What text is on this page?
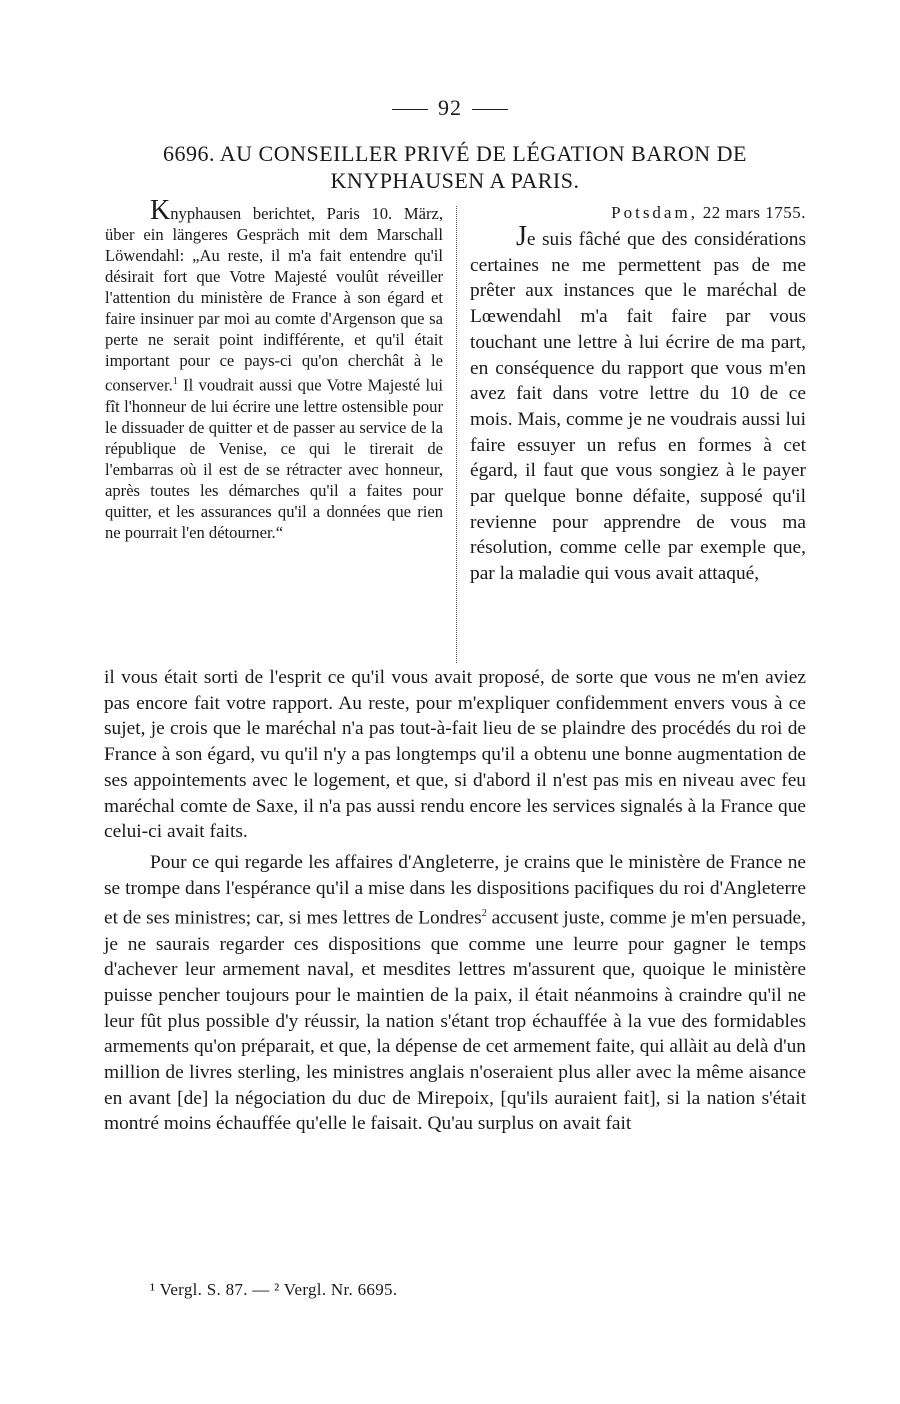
92
6696. AU CONSEILLER PRIVÉ DE LÉGATION BARON DE
KNYPHAUSEN A PARIS.
Knyphausen berichtet, Paris 10. März, über ein längeres Gespräch mit dem Marschall Löwendahl: „Au reste, il m'a fait entendre qu'il désirait fort que Votre Majesté voulût réveiller l'attention du ministère de France à son égard et faire insinuer par moi au comte d'Argenson que sa perte ne serait point indifférente, et qu'il était important pour ce pays-ci qu'on cherchât à le conserver.$^1$ Il voudrait aussi que Votre Majesté lui fît l'honneur de lui écrire une lettre ostensible pour le dissuader de quitter et de passer au service de la république de Venise, ce qui le tirerait de l'embarras où il est de se rétracter avec honneur, après toutes les démarches qu'il a faites pour quitter, et les assurances qu'il a données que rien ne pourrait l'en détourner.“
Potsdam, 22 mars 1755.
Je suis fâché que des considérations certaines ne me permettent pas de me prêter aux instances que le maréchal de Lœwendahl m'a fait faire par vous touchant une lettre à lui écrire de ma part, en conséquence du rapport que vous m'en avez fait dans votre lettre du 10 de ce mois. Mais, comme je ne voudrais aussi lui faire essuyer un refus en formes à cet égard, il faut que vous songiez à le payer par quelque bonne défaite, supposé qu'il revienne pour apprendre de vous ma résolution, comme celle par exemple que, par la maladie qui vous avait attaqué,

il vous était sorti de l'esprit ce qu'il vous avait proposé, de sorte que vous ne m'en aviez pas encore fait votre rapport. Au reste, pour m'expliquer confidemment envers vous à ce sujet, je crois que le maréchal n'a pas tout-à-fait lieu de se plaindre des procédés du roi de France à son égard, vu qu'il n'y a pas longtemps qu'il a obtenu une bonne augmentation de ses appointements avec le logement, et que, si d'abord il n'est pas mis en niveau avec feu maréchal comte de Saxe, il n'a pas aussi rendu encore les services signalés à la France que celui-ci avait faits.

Pour ce qui regarde les affaires d'Angleterre, je crains que le ministère de France ne se trompe dans l'espérance qu'il a mise dans les dispositions pacifiques du roi d'Angleterre et de ses ministres; car, si mes lettres de Londres$^2$ accusent juste, comme je m'en persuade, je ne saurais regarder ces dispositions que comme une leurre pour gagner le temps d'achever leur armement naval, et mesdites lettres m'assurent que, quoique le ministère puisse pencher toujours pour le maintien de la paix, il était néanmoins à craindre qu'il ne leur fût plus possible d'y réussir, la nation s'étant trop échauffée à la vue des formidables armements qu'on préparait, et que, la dépense de cet armement faite, qui allàit au delà d'un million de livres sterling, les ministres anglais n'oseraient plus aller avec la même aisance en avant [de] la négociation du duc de Mirepoix, [qu'ils auraient fait], si la nation s'était montré moins échauffée qu'elle le faisait. Qu'au surplus on avait fait

¹ Vergl. S. 87. — ² Vergl. Nr. 6695.
